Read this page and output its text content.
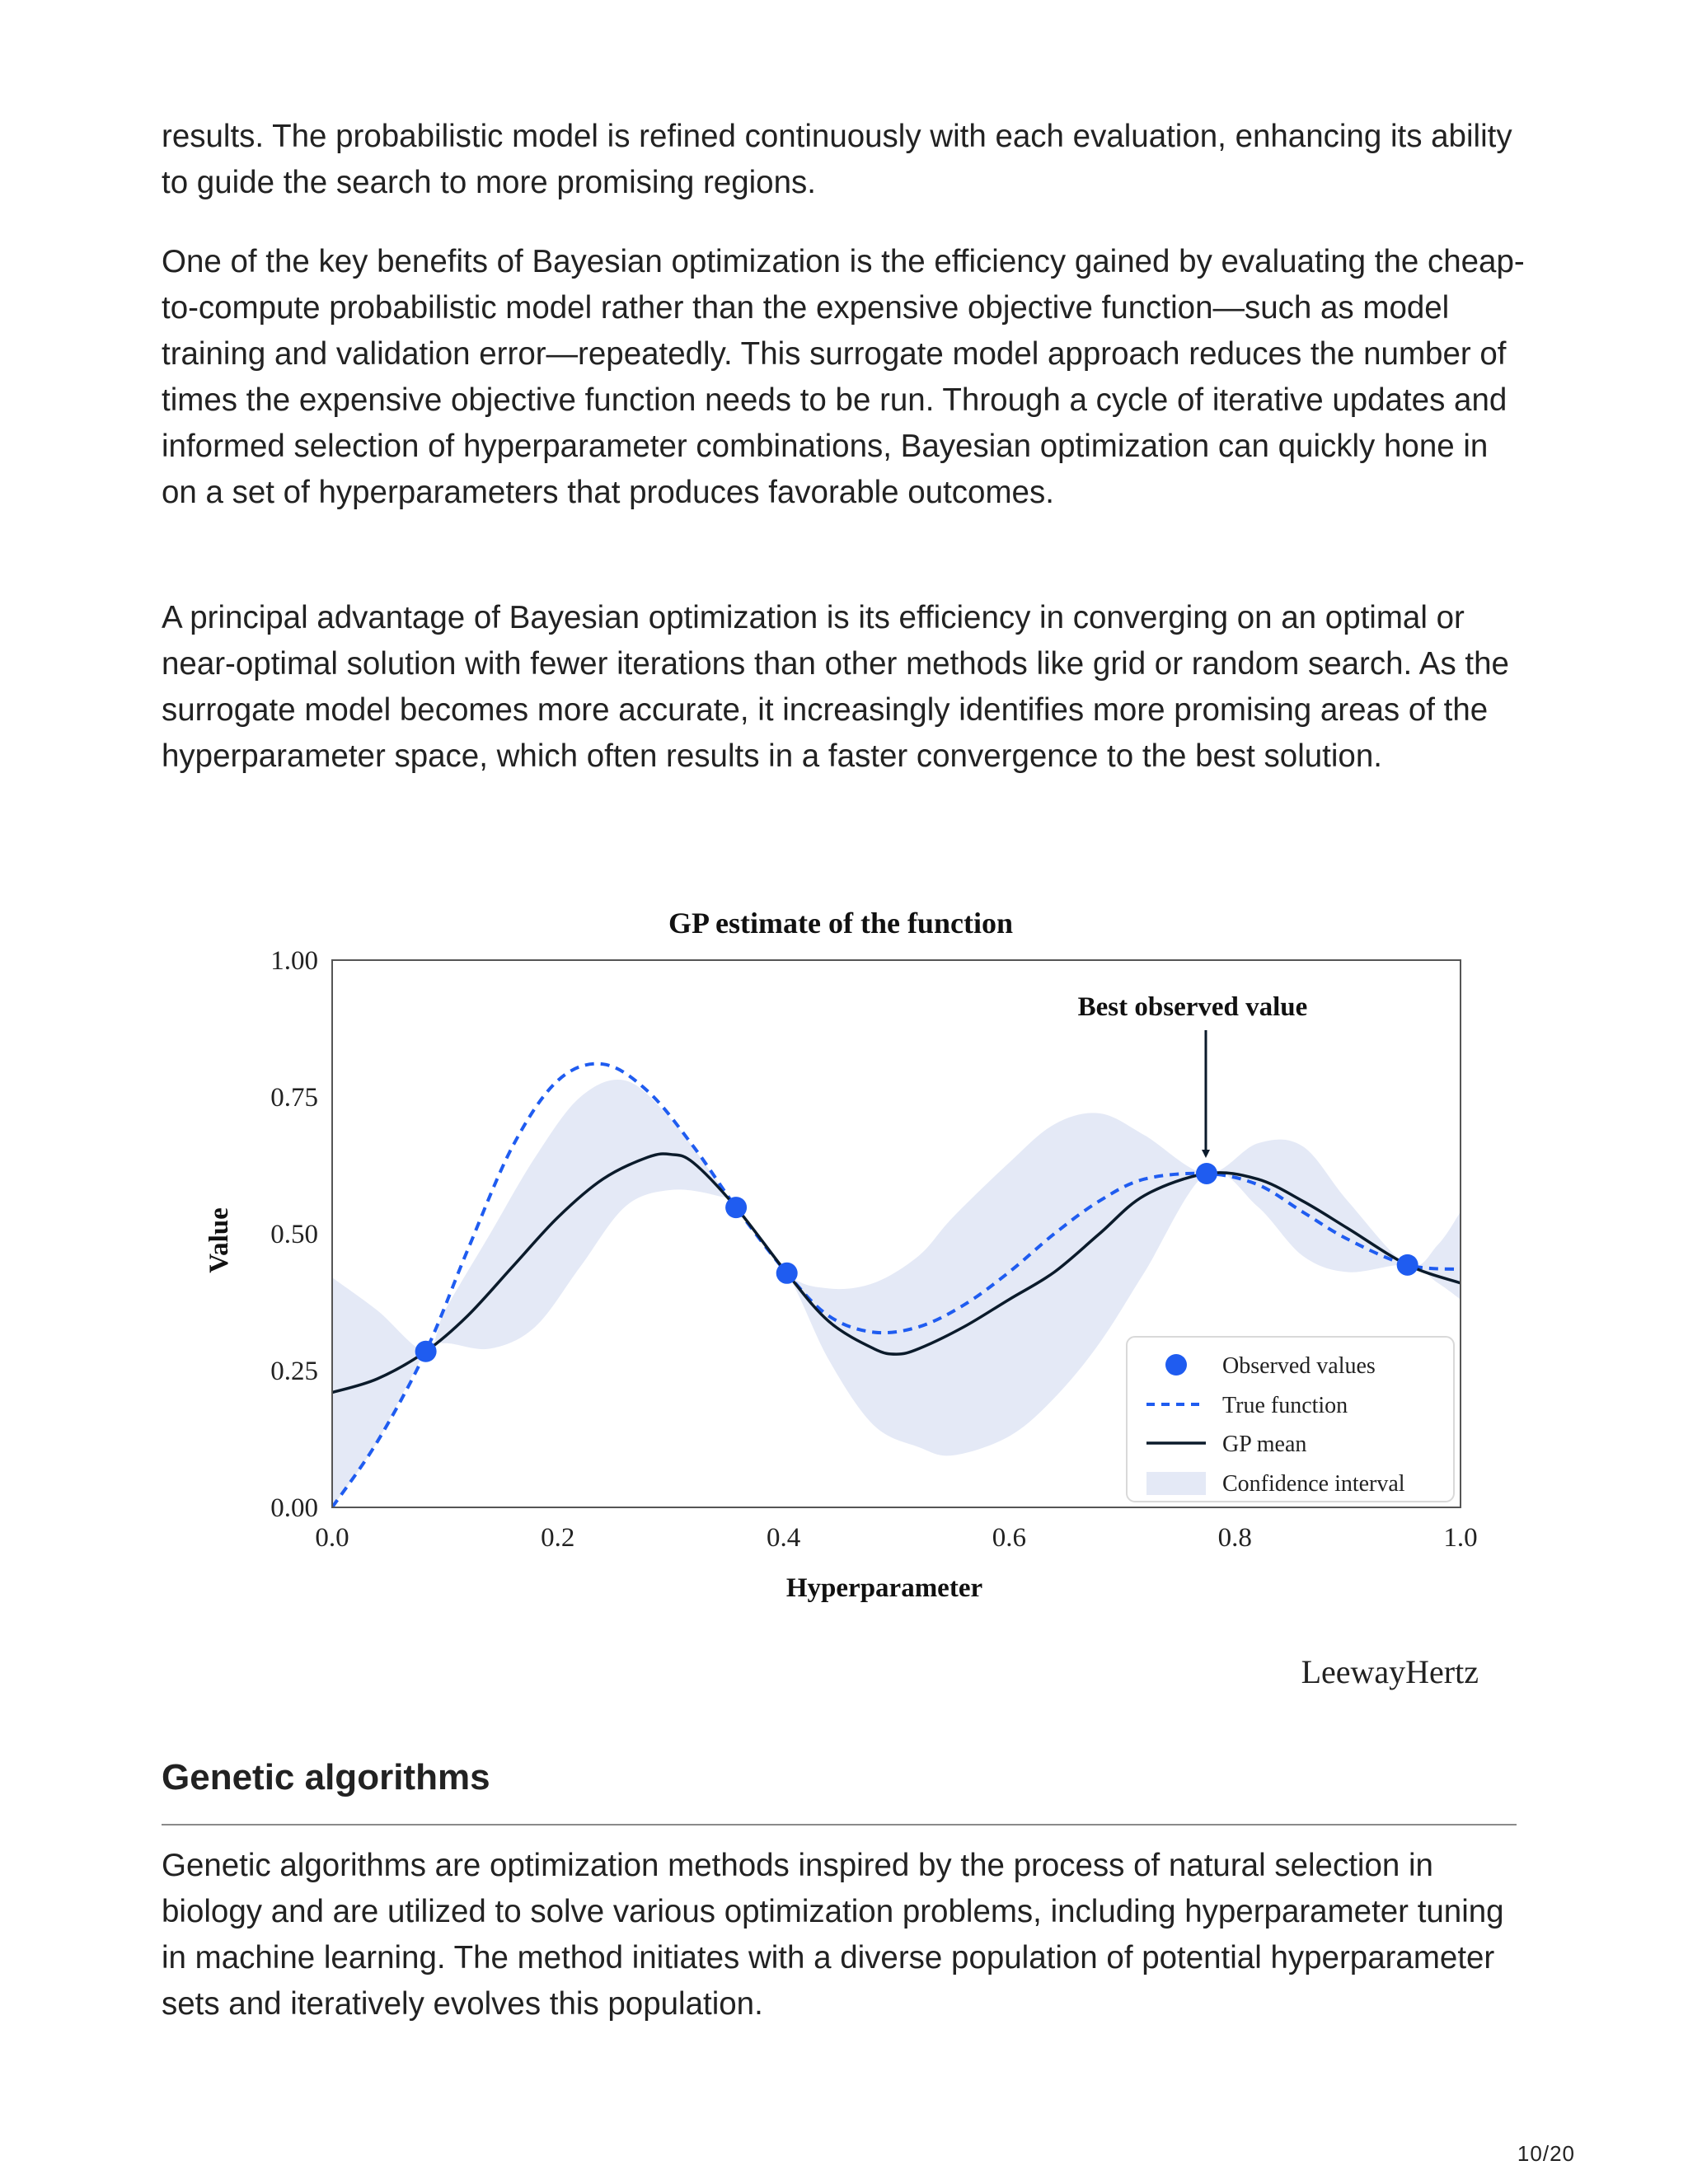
results. The probabilistic model is refined continuously with each evaluation, enhancing its ability to guide the search to more promising regions.

One of the key benefits of Bayesian optimization is the efficiency gained by evaluating the cheap-to-compute probabilistic model rather than the expensive objective function—such as model training and validation error—repeatedly. This surrogate model approach reduces the number of times the expensive objective function needs to be run. Through a cycle of iterative updates and informed selection of hyperparameter combinations, Bayesian optimization can quickly hone in on a set of hyperparameters that produces favorable outcomes.

A principal advantage of Bayesian optimization is its efficiency in converging on an optimal or near-optimal solution with fewer iterations than other methods like grid or random search. As the surrogate model becomes more accurate, it increasingly identifies more promising areas of the hyperparameter space, which often results in a faster convergence to the best solution.

GP estimate of the function
Hyperparameter
Value
0.0	0.2	0.4	0.6	0.8	1.0
0.00
0.25
0.50
0.75
1.00
Best observed value
Observed values
True function
GP mean
Confidence interval
LeewayHertz
Genetic algorithms

Genetic algorithms are optimization methods inspired by the process of natural selection in biology and are utilized to solve various optimization problems, including hyperparameter tuning in machine learning. The method initiates with a diverse population of potential hyperparameter sets and iteratively evolves this population.

10/20
